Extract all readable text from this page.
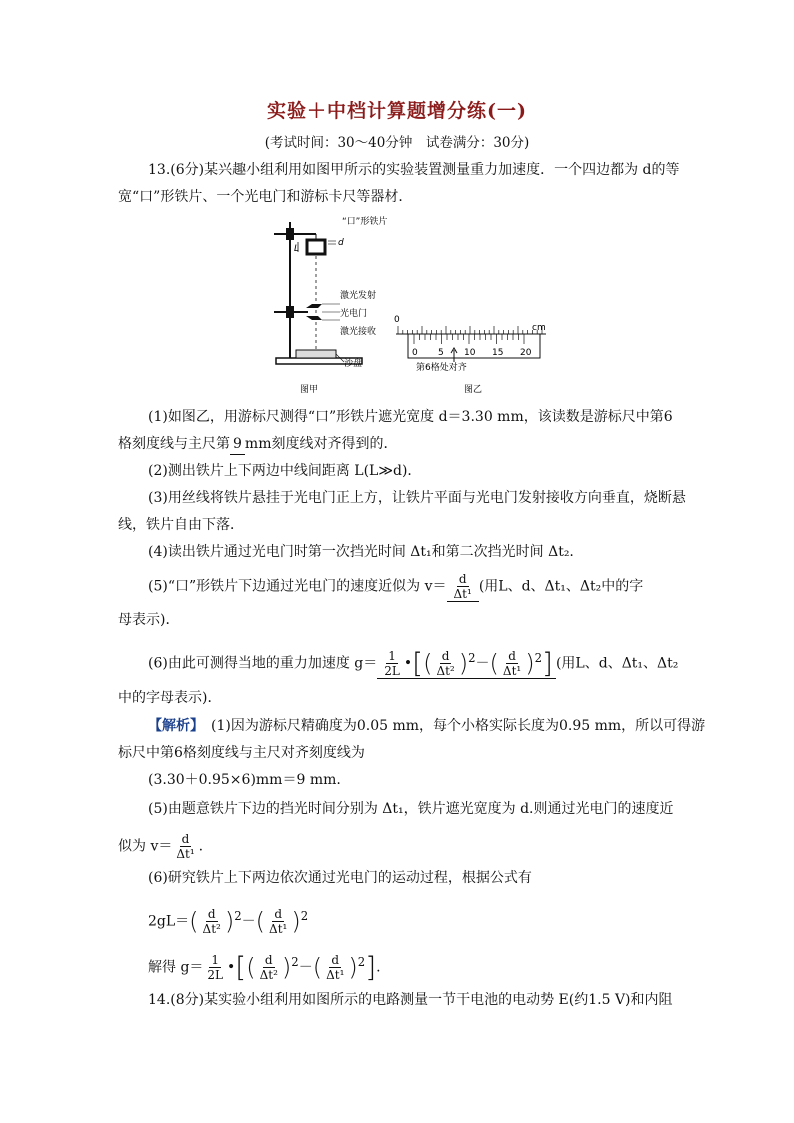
实验＋中档计算题增分练(一)
(考试时间：30～40分钟　试卷满分：30分)
13.(6分)某兴趣小组利用如图甲所示的实验装置测量重力加速度．一个四边都为 d的等
宽“口”形铁片、一个光电门和游标卡尺等器材．
L
d
“口”形铁片
激光发射
光电门
激光接收
沙盘
图甲
0
cm
0 5 10 15 20
第6格处对齐
图乙
(1)如图乙，用游标尺测得“口”形铁片遮光宽度 d＝3.30 mm，该读数是游标尺中第6
格刻度线与主尺第 9 mm刻度线对齐得到的．
(2)测出铁片上下两边中线间距离 L(L≫d)．
(3)用丝线将铁片悬挂于光电门正上方，让铁片平面与光电门发射接收方向垂直，烧断悬
线，铁片自由下落．
(4)读出铁片通过光电门时第一次挡光时间 Δt₁和第二次挡光时间 Δt₂.
(5)“口”形铁片下边通过光电门的速度近似为 $v= \frac{d}{\text{Δt¹}}$ (用L、d、Δt₁、Δt₂中的字
母表示)．
(6)由此可测得当地的重力加速度 $g= \frac{1}{2L}$ •[( $\frac{d}{\text{Δt²}} )^2-( \frac{d}{\text{Δt¹}} )^2$] (用L、d、Δt₁、Δt₂
中的字母表示)．
【解析】　 (1)因为游标尺精确度为0.05 mm，每个小格实际长度为0.95 mm，所以可得游
标尺中第6格刻度线与主尺对齐刻度线为
(3.30＋0.95×6)mm＝9 mm.
(5)由题意铁片下边的挡光时间分别为 Δt₁，铁片遮光宽度为 d.则通过光电门的速度近
似为 $v= \frac{d}{\text{Δt¹}}$ .
(6)研究铁片上下两边依次通过光电门的运动过程，根据公式有
$2gL=( \frac{d}{\text{Δt²}} )^2-( \frac{d}{\text{Δt¹}} )^2$
解得 $g= \frac{1}{2L}$ •[( $\frac{d}{\text{Δt²}} )^2-( \frac{d}{\text{Δt¹}} )^2$].
14.(8分)某实验小组利用如图所示的电路测量一节干电池的电动势 E(约1.5 V)和内阻
